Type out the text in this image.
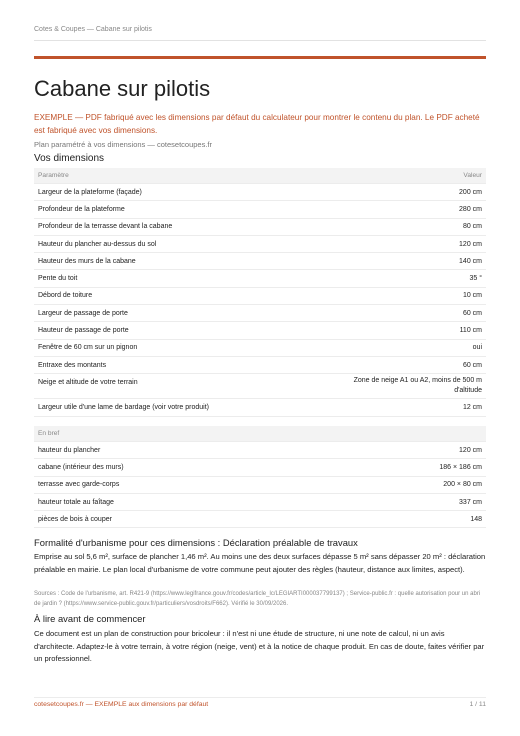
Cotes & Coupes — Cabane sur pilotis
Cabane sur pilotis
EXEMPLE — PDF fabriqué avec les dimensions par défaut du calculateur pour montrer le contenu du plan. Le PDF acheté est fabriqué avec vos dimensions.
Plan paramétré à vos dimensions — cotesetcoupes.fr
Vos dimensions
Paramètre	Valeur
Largeur de la plateforme (façade)	200 cm
Profondeur de la plateforme	280 cm
Profondeur de la terrasse devant la cabane	80 cm
Hauteur du plancher au-dessus du sol	120 cm
Hauteur des murs de la cabane	140 cm
Pente du toit	35 °
Débord de toiture	10 cm
Largeur de passage de porte	60 cm
Hauteur de passage de porte	110 cm
Fenêtre de 60 cm sur un pignon	oui
Entraxe des montants	60 cm
Neige et altitude de votre terrain	Zone de neige A1 ou A2, moins de 500 m d'altitude
Largeur utile d'une lame de bardage (voir votre produit)	12 cm
En bref	
hauteur du plancher	120 cm
cabane (intérieur des murs)	186 × 186 cm
terrasse avec garde-corps	200 × 80 cm
hauteur totale au faîtage	337 cm
pièces de bois à couper	148
Formalité d'urbanisme pour ces dimensions : Déclaration préalable de travaux
Emprise au sol 5,6 m², surface de plancher 1,46 m². Au moins une des deux surfaces dépasse 5 m² sans dépasser 20 m² : déclaration préalable en mairie. Le plan local d'urbanisme de votre commune peut ajouter des règles (hauteur, distance aux limites, aspect).
Sources : Code de l'urbanisme, art. R421-9 (https://www.legifrance.gouv.fr/codes/article_lc/LEGIARTI000037799137) ; Service-public.fr : quelle autorisation pour un abri de jardin ? (https://www.service-public.gouv.fr/particuliers/vosdroits/F662). Vérifié le 30/09/2026.
À lire avant de commencer
Ce document est un plan de construction pour bricoleur : il n'est ni une étude de structure, ni une note de calcul, ni un avis d'architecte. Adaptez-le à votre terrain, à votre région (neige, vent) et à la notice de chaque produit. En cas de doute, faites vérifier par un professionnel.
cotesetcoupes.fr — EXEMPLE aux dimensions par défaut	1 / 11
